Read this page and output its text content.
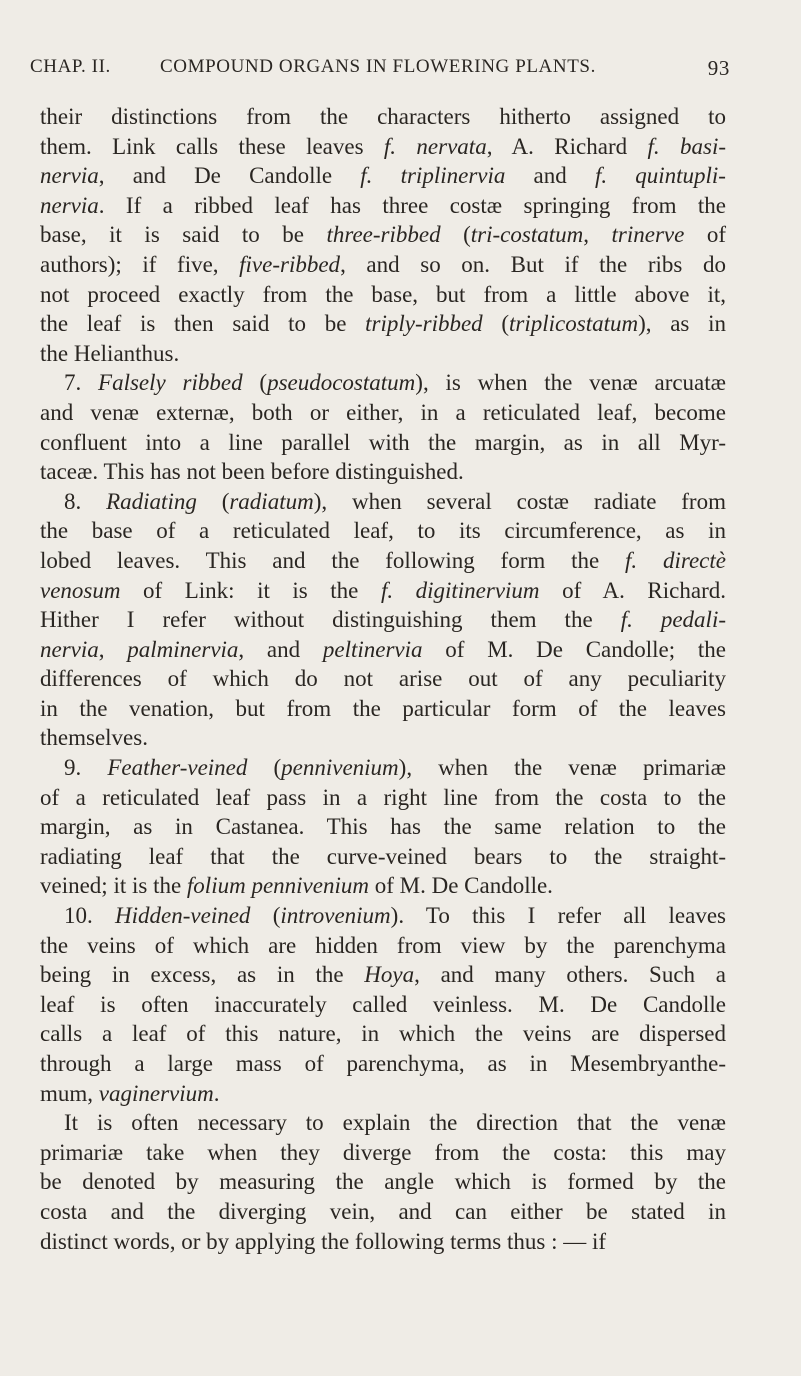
CHAP. II.	COMPOUND ORGANS IN FLOWERING PLANTS.	93
their distinctions from the characters hitherto assigned to
them. Link calls these leaves f. nervata, A. Richard f. basi-
nervia, and De Candolle f. triplinervia and f. quintupli-
nervia. If a ribbed leaf has three costæ springing from the
base, it is said to be three-ribbed (tri-costatum, trinerve of
authors); if five, five-ribbed, and so on. But if the ribs do
not proceed exactly from the base, but from a little above it,
the leaf is then said to be triply-ribbed (triplicostatum), as in
the Helianthus.
7. Falsely ribbed (pseudocostatum), is when the venæ arcuatæ
and venæ externæ, both or either, in a reticulated leaf, become
confluent into a line parallel with the margin, as in all Myr-
taceæ. This has not been before distinguished.
8. Radiating (radiatum), when several costæ radiate from
the base of a reticulated leaf, to its circumference, as in
lobed leaves. This and the following form the f. directè
venosum of Link: it is the f. digitinervium of A. Richard.
Hither I refer without distinguishing them the f. pedali-
nervia, palminervia, and peltinervia of M. De Candolle; the
differences of which do not arise out of any peculiarity
in the venation, but from the particular form of the leaves
themselves.
9. Feather-veined (pennivenium), when the venæ primariæ
of a reticulated leaf pass in a right line from the costa to the
margin, as in Castanea. This has the same relation to the
radiating leaf that the curve-veined bears to the straight-
veined; it is the folium pennivenium of M. De Candolle.
10. Hidden-veined (introvenium). To this I refer all leaves
the veins of which are hidden from view by the parenchyma
being in excess, as in the Hoya, and many others. Such a
leaf is often inaccurately called veinless. M. De Candolle
calls a leaf of this nature, in which the veins are dispersed
through a large mass of parenchyma, as in Mesembryanthe-
mum, vaginervium.
It is often necessary to explain the direction that the venæ
primariæ take when they diverge from the costa: this may
be denoted by measuring the angle which is formed by the
costa and the diverging vein, and can either be stated in
distinct words, or by applying the following terms thus : — if
